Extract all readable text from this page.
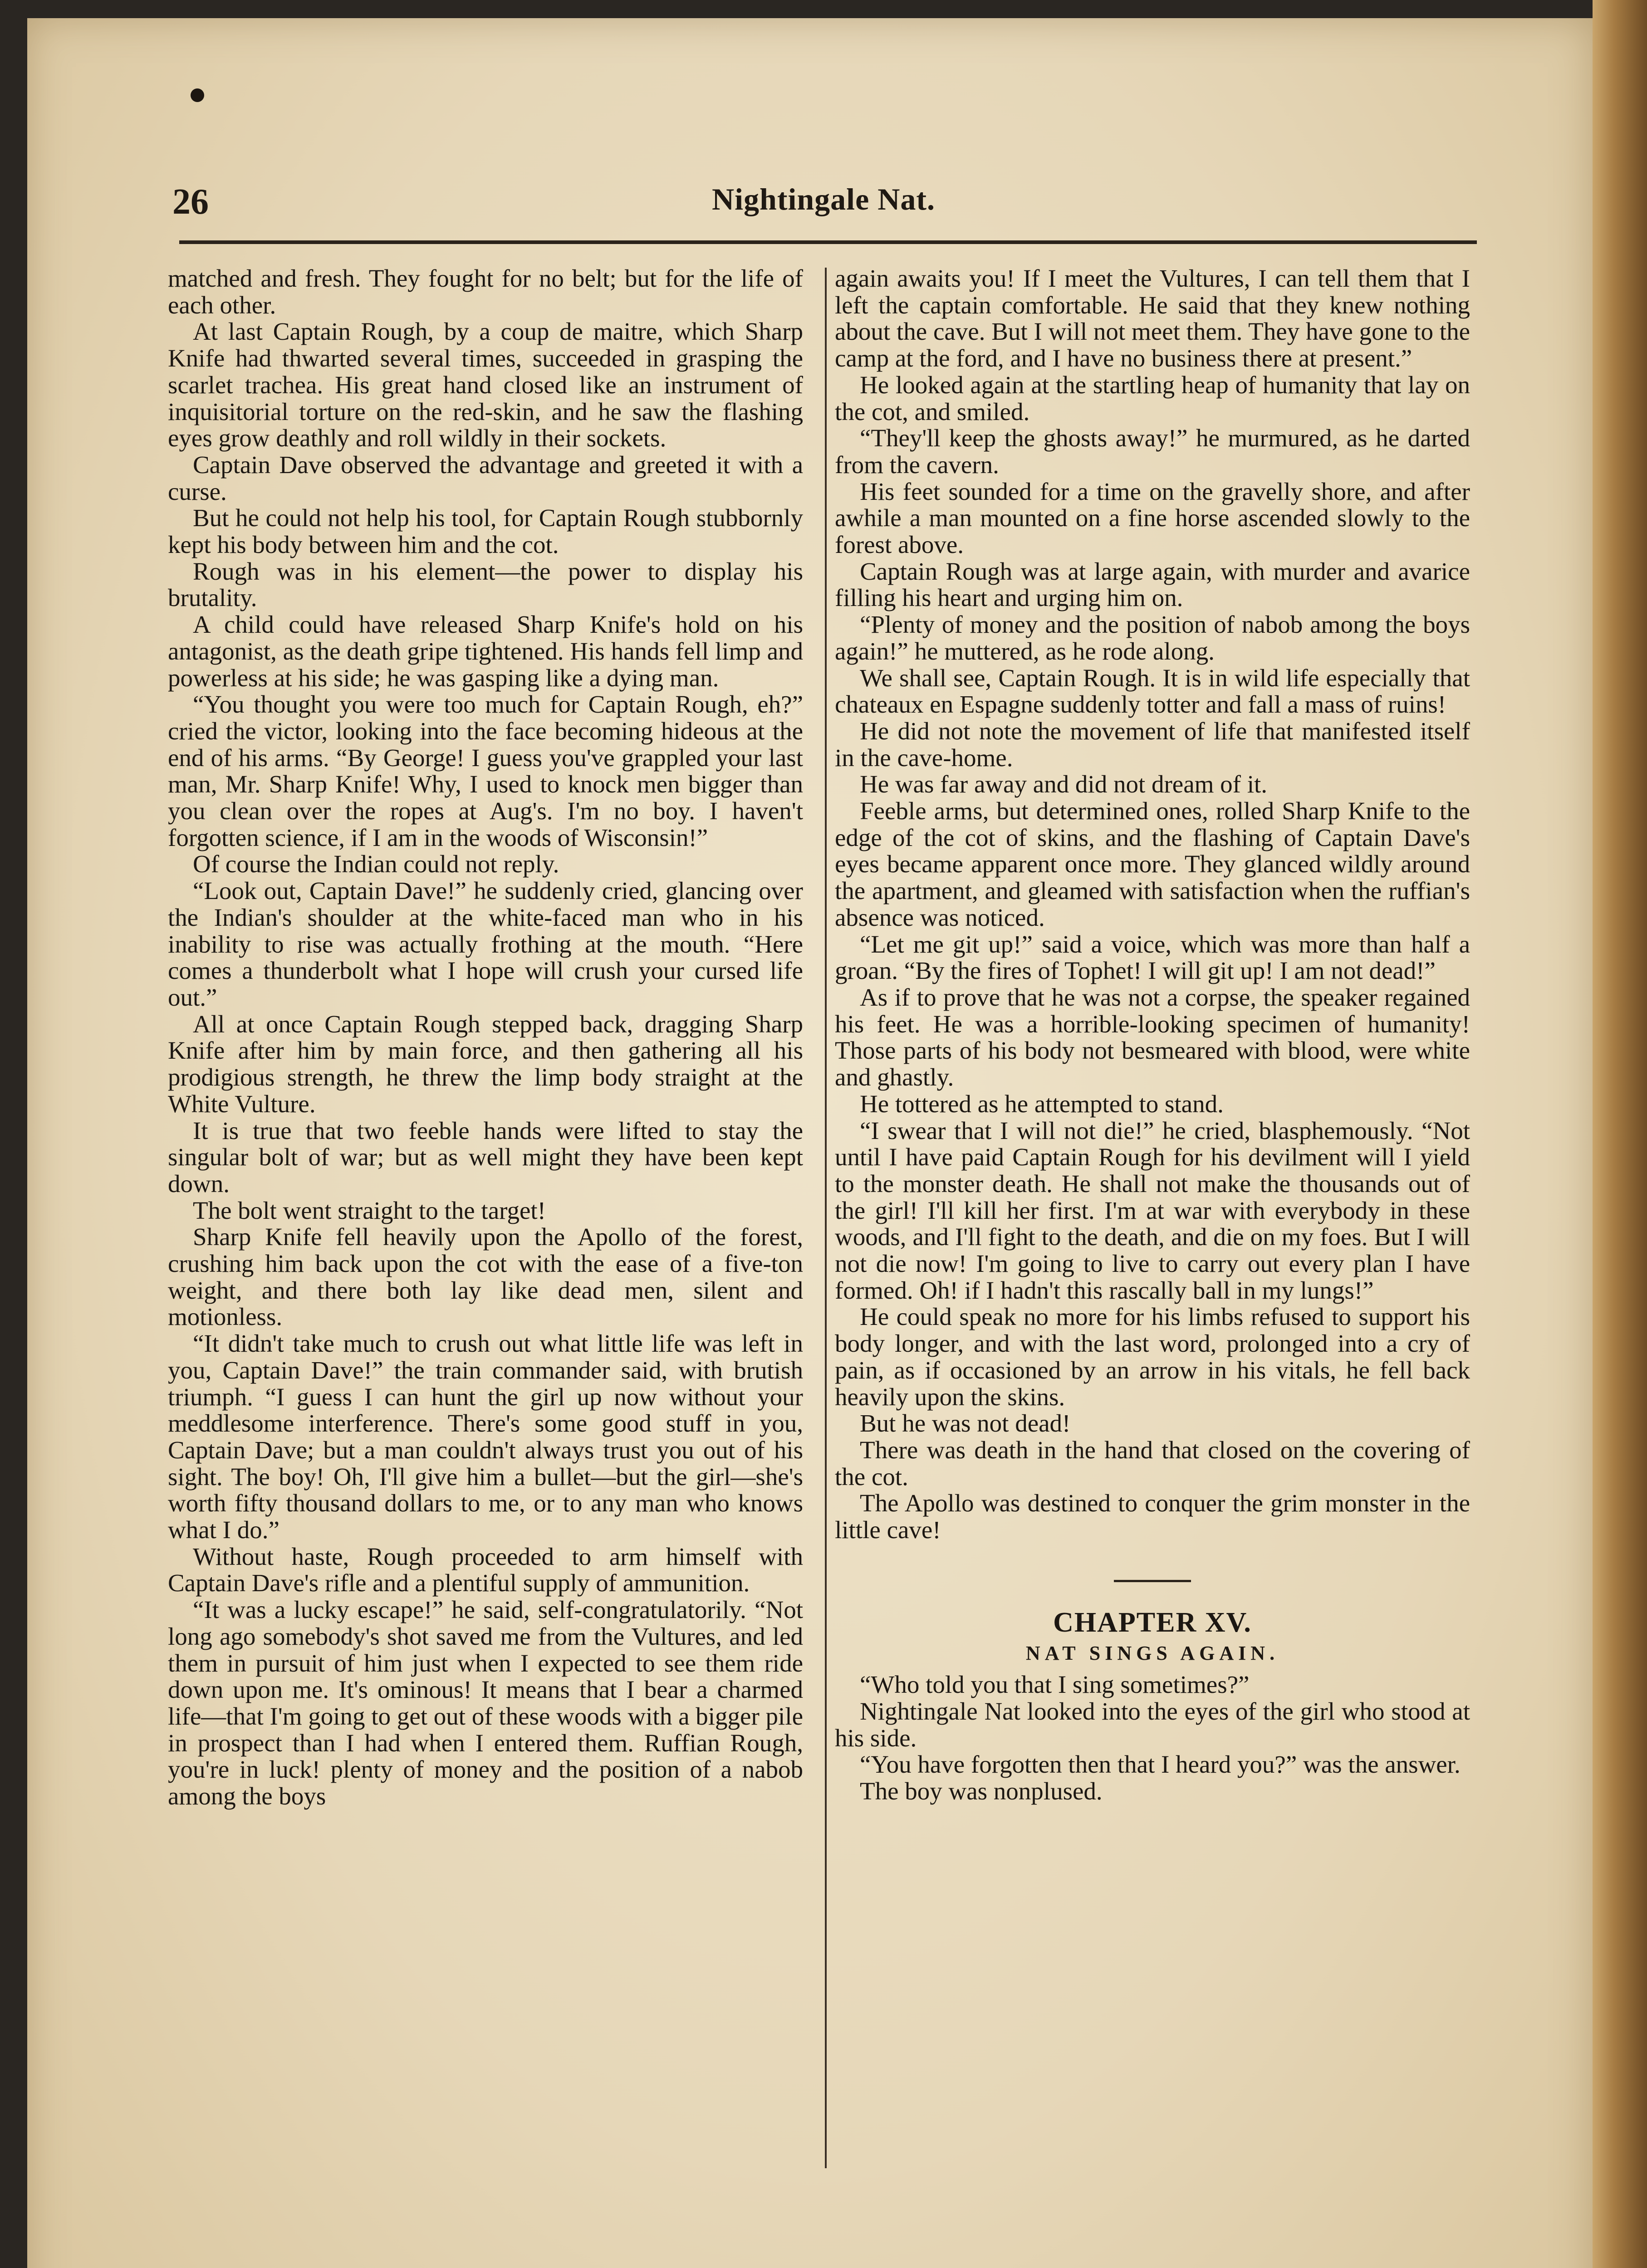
26	Nightingale Nat.

matched and fresh. They fought for no belt; but for the life of each other.

At last Captain Rough, by a coup de maitre, which Sharp Knife had thwarted several times, succeeded in grasping the scarlet trachea. His great hand closed like an instrument of inquisitorial torture on the red-skin, and he saw the flashing eyes grow deathly and roll wildly in their sockets.

Captain Dave observed the advantage and greeted it with a curse.

But he could not help his tool, for Captain Rough stubbornly kept his body between him and the cot.

Rough was in his element—the power to display his brutality.

A child could have released Sharp Knife's hold on his antagonist, as the death gripe tightened. His hands fell limp and powerless at his side; he was gasping like a dying man.

“You thought you were too much for Captain Rough, eh?” cried the victor, looking into the face becoming hideous at the end of his arms. “By George! I guess you've grappled your last man, Mr. Sharp Knife! Why, I used to knock men bigger than you clean over the ropes at Aug's. I'm no boy. I haven't forgotten science, if I am in the woods of Wisconsin!”

Of course the Indian could not reply.

“Look out, Captain Dave!” he suddenly cried, glancing over the Indian's shoulder at the white-faced man who in his inability to rise was actually frothing at the mouth. “Here comes a thunderbolt what I hope will crush your cursed life out.”

All at once Captain Rough stepped back, dragging Sharp Knife after him by main force, and then gathering all his prodigious strength, he threw the limp body straight at the White Vulture.

It is true that two feeble hands were lifted to stay the singular bolt of war; but as well might they have been kept down.

The bolt went straight to the target!

Sharp Knife fell heavily upon the Apollo of the forest, crushing him back upon the cot with the ease of a five-ton weight, and there both lay like dead men, silent and motionless.

“It didn't take much to crush out what little life was left in you, Captain Dave!” the train commander said, with brutish triumph. “I guess I can hunt the girl up now without your meddlesome interference. There's some good stuff in you, Captain Dave; but a man couldn't always trust you out of his sight. The boy! Oh, I'll give him a bullet—but the girl—she's worth fifty thousand dollars to me, or to any man who knows what I do.”

Without haste, Rough proceeded to arm himself with Captain Dave's rifle and a plentiful supply of ammunition.

“It was a lucky escape!” he said, self-congratulatorily. “Not long ago somebody's shot saved me from the Vultures, and led them in pursuit of him just when I expected to see them ride down upon me. It's ominous! It means that I bear a charmed life—that I'm going to get out of these woods with a bigger pile in prospect than I had when I entered them. Ruffian Rough, you're in luck! plenty of money and the position of a nabob among the boys

again awaits you! If I meet the Vultures, I can tell them that I left the captain comfortable. He said that they knew nothing about the cave. But I will not meet them. They have gone to the camp at the ford, and I have no business there at present.”

He looked again at the startling heap of humanity that lay on the cot, and smiled.

“They'll keep the ghosts away!” he murmured, as he darted from the cavern.

His feet sounded for a time on the gravelly shore, and after awhile a man mounted on a fine horse ascended slowly to the forest above.

Captain Rough was at large again, with murder and avarice filling his heart and urging him on.

“Plenty of money and the position of nabob among the boys again!” he muttered, as he rode along.

We shall see, Captain Rough. It is in wild life especially that chateaux en Espagne suddenly totter and fall a mass of ruins!

He did not note the movement of life that manifested itself in the cave-home.

He was far away and did not dream of it.

Feeble arms, but determined ones, rolled Sharp Knife to the edge of the cot of skins, and the flashing of Captain Dave's eyes became apparent once more. They glanced wildly around the apartment, and gleamed with satisfaction when the ruffian's absence was noticed.

“Let me git up!” said a voice, which was more than half a groan. “By the fires of Tophet! I will git up! I am not dead!”

As if to prove that he was not a corpse, the speaker regained his feet. He was a horrible-looking specimen of humanity! Those parts of his body not besmeared with blood, were white and ghastly.

He tottered as he attempted to stand.

“I swear that I will not die!” he cried, blasphemously. “Not until I have paid Captain Rough for his devilment will I yield to the monster death. He shall not make the thousands out of the girl! I'll kill her first. I'm at war with everybody in these woods, and I'll fight to the death, and die on my foes. But I will not die now! I'm going to live to carry out every plan I have formed. Oh! if I hadn't this rascally ball in my lungs!”

He could speak no more for his limbs refused to support his body longer, and with the last word, prolonged into a cry of pain, as if occasioned by an arrow in his vitals, he fell back heavily upon the skins.

But he was not dead!

There was death in the hand that closed on the covering of the cot.

The Apollo was destined to conquer the grim monster in the little cave!

CHAPTER XV.
NAT SINGS AGAIN.

“Who told you that I sing sometimes?”

Nightingale Nat looked into the eyes of the girl who stood at his side.

“You have forgotten then that I heard you?” was the answer.

The boy was nonplused.
